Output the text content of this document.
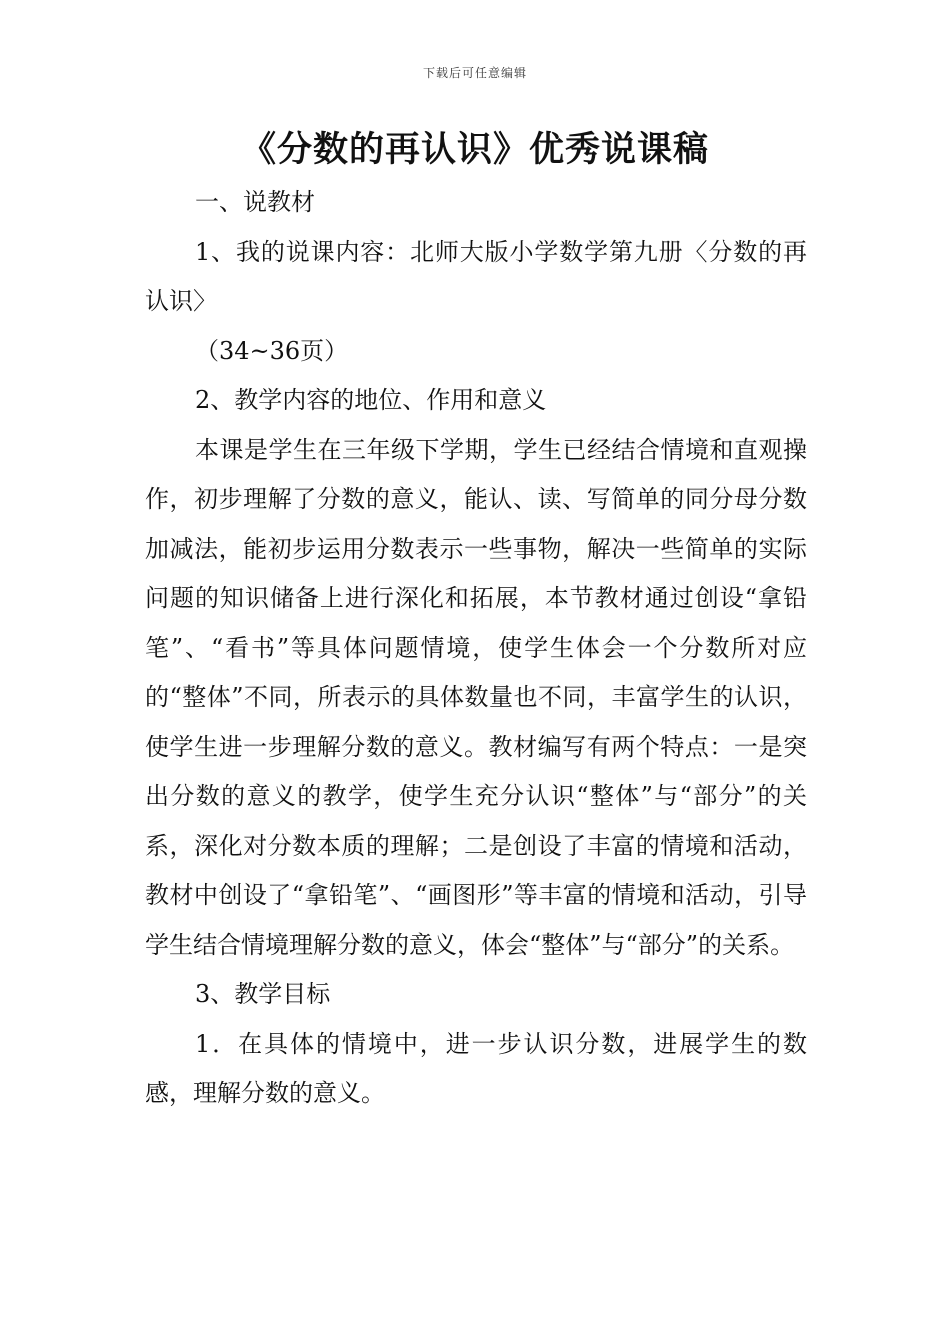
下载后可任意编辑
《分数的再认识》优秀说课稿

一、说教材

1、我的说课内容：北师大版小学数学第九册〈分数的再认识〉

（34~36页）

2、教学内容的地位、作用和意义

本课是学生在三年级下学期，学生已经结合情境和直观操作，初步理解了分数的意义，能认、读、写简单的同分母分数加减法，能初步运用分数表示一些事物，解决一些简单的实际问题的知识储备上进行深化和拓展，本节教材通过创设“拿铅笔”、“看书”等具体问题情境，使学生体会一个分数所对应的“整体”不同，所表示的具体数量也不同，丰富学生的认识，使学生进一步理解分数的意义。教材编写有两个特点：一是突出分数的意义的教学，使学生充分认识“整体”与“部分”的关系，深化对分数本质的理解；二是创设了丰富的情境和活动，教材中创设了“拿铅笔”、“画图形”等丰富的情境和活动，引导学生结合情境理解分数的意义，体会“整体”与“部分”的关系。

3、教学目标

1．在具体的情境中，进一步认识分数，进展学生的数感，理解分数的意义。
